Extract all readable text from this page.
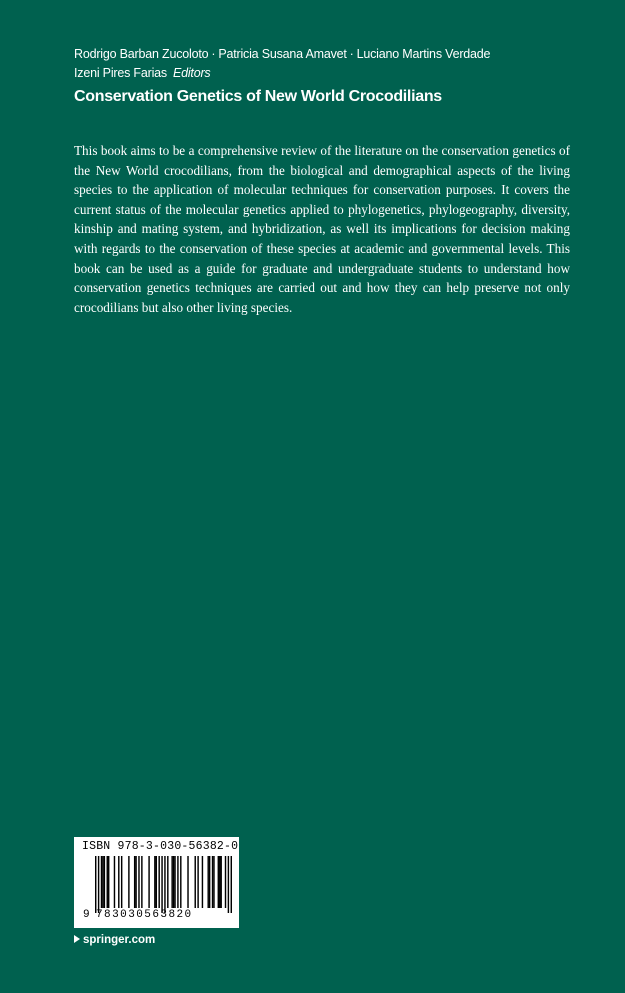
Rodrigo Barban Zucoloto · Patricia Susana Amavet · Luciano Martins Verdade
Izeni Pires Farias Editors
Conservation Genetics of New World Crocodilians

This book aims to be a comprehensive review of the literature on the conservation genetics of the New World crocodilians, from the biological and demographical aspects of the living species to the application of molecular techniques for conservation purposes. It covers the current status of the molecular genetics applied to phylogenetics, phylogeography, diversity, kinship and mating system, and hybridization, as well its implications for decision making with regards to the conservation of these species at academic and governmental levels. This book can be used as a guide for graduate and undergraduate students to understand how conservation genetics techniques are carried out and how they can help preserve not only crocodilians but also other living species.

ISBN 978-3-030-56382-0
9 783030563820
springer.com
